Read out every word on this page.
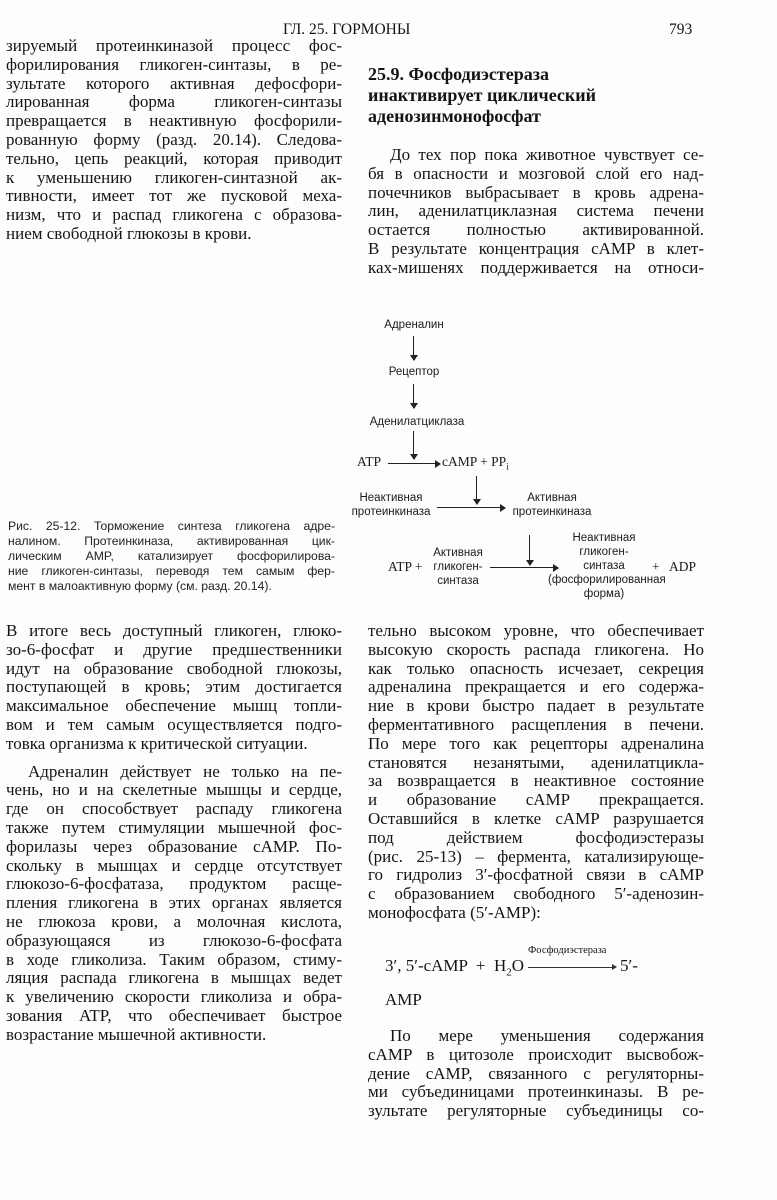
ГЛ. 25. ГОРМОНЫ	793
зируемый протеинкиназой процесс фос-
форилирования гликоген-синтазы, в ре-
зультате которого активная дефосфори-
лированная форма гликоген-синтазы
превращается в неактивную фосфорили-
рованную форму (разд. 20.14). Следова-
тельно, цепь реакций, которая приводит
к уменьшению гликоген-синтазной ак-
тивности, имеет тот же пусковой меха-
низм, что и распад гликогена с образова-
нием свободной глюкозы в крови.
25.9. Фосфодиэстераза
инактивирует циклический
аденозинмонофосфат
До тех пор пока животное чувствует се-
бя в опасности и мозговой слой его над-
почечников выбрасывает в кровь адрена-
лин, аденилатциклазная система печени
остается полностью активированной.
В результате концентрация cAMP в клет-
ках-мишенях поддерживается на относи-
Адреналин
Рецептор
Аденилатциклаза
ATP	cAMP + $PP_i$
Неактивная
протеинкиназа
Активная
протеинкиназа
ATP +
Активная
гликоген-
синтаза
Неактивная
гликоген-
синтаза
(фосфорилированная
форма)
+   ADP
Рис. 25-12. Торможение синтеза гликогена адре-
налином. Протеинкиназа, активированная цик-
лическим AMP, катализирует фосфорилирова-
ние гликоген-синтазы, переводя тем самым фер-
мент в малоактивную форму (см. разд. 20.14).
В итоге весь доступный гликоген, глюко-
зо-6-фосфат и другие предшественники
идут на образование свободной глюкозы,
поступающей в кровь; этим достигается
максимальное обеспечение мышц топли-
вом и тем самым осуществляется подго-
товка организма к критической ситуации.
Адреналин действует не только на пе-
чень, но и на скелетные мышцы и сердце,
где он способствует распаду гликогена
также путем стимуляции мышечной фос-
форилазы через образование cAMP. По-
скольку в мышцах и сердце отсутствует
глюкозо-6-фосфатаза, продуктом расще-
пления гликогена в этих органах является
не глюкоза крови, а молочная кислота,
образующаяся из глюкозо-6-фосфата
в ходе гликолиза. Таким образом, стиму-
ляция распада гликогена в мышцах ведет
к увеличению скорости гликолиза и обра-
зования ATP, что обеспечивает быстрое
возрастание мышечной активности.
тельно высоком уровне, что обеспечивает
высокую скорость распада гликогена. Но
как только опасность исчезает, секреция
адреналина прекращается и его содержа-
ние в крови быстро падает в результате
ферментативного расщепления в печени.
По мере того как рецепторы адреналина
становятся незанятыми, аденилатцикла-
за возвращается в неактивное состояние
и образование cAMP прекращается.
Оставшийся в клетке cAMP разрушается
под действием фосфодиэстеразы
(рис. 25-13) – фермента, катализирующе-
го гидролиз 3′-фосфатной связи в cAMP
с образованием свободного 5′-аденозин-
монофосфата (5′-AMP):
3′, 5′-cAMP  +  $H_2O$
Фосфодиэстераза
5′-
AMP
По мере уменьшения содержания
cAMP в цитозоле происходит высвобож-
дение cAMP, связанного с регуляторны-
ми субъединицами протеинкиназы. В ре-
зультате регуляторные субъединицы со-
